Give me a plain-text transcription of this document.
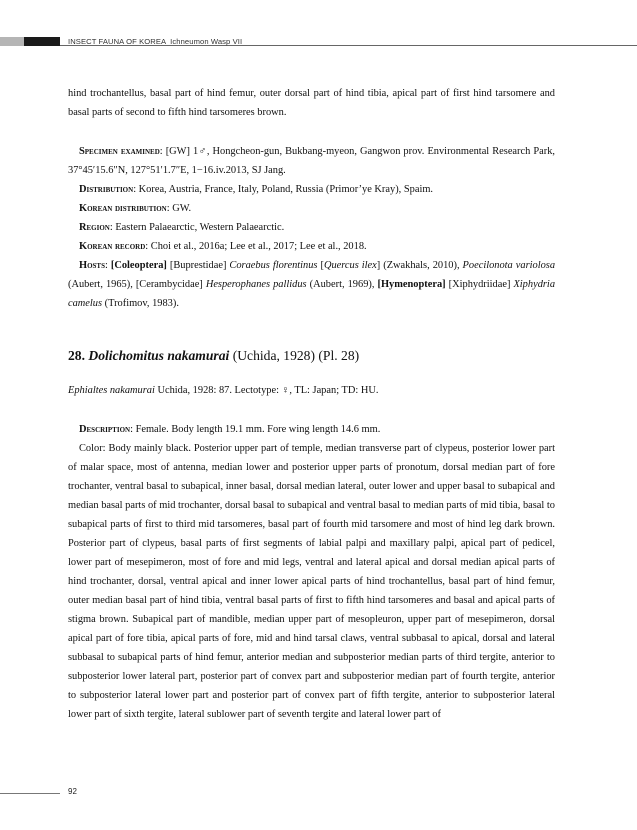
INSECT FAUNA OF KOREA Ichneumon Wasp VII

hind trochantellus, basal part of hind femur, outer dorsal part of hind tibia, apical part of first hind tarsomere and basal parts of second to fifth hind tarsomeres brown.

Specimen examined: [GW] 1♂, Hongcheon-gun, Bukbang-myeon, Gangwon prov. Environmental Research Park, 37°45′15.6″N, 127°51′1.7″E, 1−16.iv.2013, SJ Jang.

Distribution: Korea, Austria, France, Italy, Poland, Russia (Primor’ye Kray), Spaim.

Korean distribution: GW.

Region: Eastern Palaearctic, Western Palaearctic.

Korean record: Choi et al., 2016a; Lee et al., 2017; Lee et al., 2018.

Hosts: [Coleoptera] [Buprestidae] Coraebus florentinus [Quercus ilex] (Zwakhals, 2010), Poecilonota variolosa (Aubert, 1965), [Cerambycidae] Hesperophanes pallidus (Aubert, 1969), [Hymenoptera] [Xiphydriidae] Xiphydria camelus (Trofimov, 1983).

28. Dolichomitus nakamurai (Uchida, 1928) (Pl. 28)

Ephialtes nakamurai Uchida, 1928: 87. Lectotype: ♀, TL: Japan; TD: HU.

Description: Female. Body length 19.1 mm. Fore wing length 14.6 mm.

Color: Body mainly black. Posterior upper part of temple, median transverse part of clypeus, posterior lower part of malar space, most of antenna, median lower and posterior upper parts of pronotum, dorsal median part of fore trochanter, ventral basal to subapical, inner basal, dorsal median lateral, outer lower and upper basal to subapical and median basal parts of mid trochanter, dorsal basal to subapical and ventral basal to median parts of mid tibia, basal to subapical parts of first to third mid tarsomeres, basal part of fourth mid tarsomere and most of hind leg dark brown. Posterior part of clypeus, basal parts of first segments of labial palpi and maxillary palpi, apical part of pedicel, lower part of mesepimeron, most of fore and mid legs, ventral and lateral apical and dorsal median apical parts of hind trochanter, dorsal, ventral apical and inner lower apical parts of hind trochantellus, basal part of hind femur, outer median basal part of hind tibia, ventral basal parts of first to fifth hind tarsomeres and basal and apical parts of stigma brown. Subapical part of mandible, median upper part of mesopleuron, upper part of mesepimeron, dorsal apical part of fore tibia, apical parts of fore, mid and hind tarsal claws, ventral subbasal to apical, dorsal and lateral subbasal to subapical parts of hind femur, anterior median and subposterior median parts of third tergite, anterior to subposterior lower lateral part, posterior part of convex part and subposterior median part of fourth tergite, anterior to subposterior lateral lower part and posterior part of convex part of fifth tergite, anterior to subposterior lateral lower part of sixth tergite, lateral sublower part of seventh tergite and lateral lower part of

92
